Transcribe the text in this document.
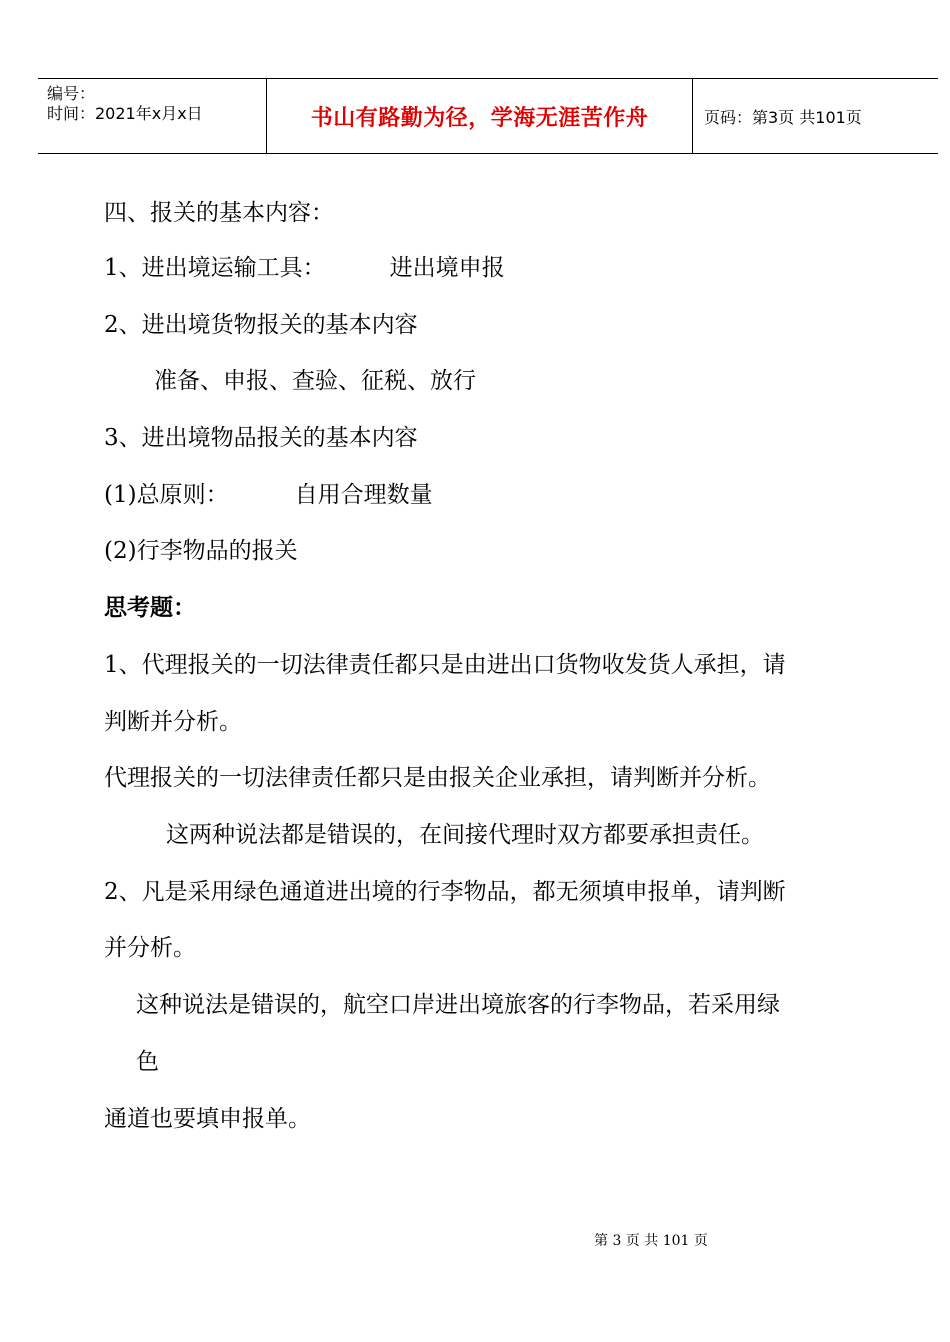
编号：
时间：2021年x月x日	书山有路勤为径，学海无涯苦作舟	页码：第3页 共101页
四、报关的基本内容：
1、进出境运输工具：	进出境申报
2、进出境货物报关的基本内容
准备、申报、查验、征税、放行
3、进出境物品报关的基本内容
(1)总原则：	自用合理数量
(2)行李物品的报关
思考题：
1、代理报关的一切法律责任都只是由进出口货物收发货人承担，请
判断并分析。
代理报关的一切法律责任都只是由报关企业承担，请判断并分析。
这两种说法都是错误的，在间接代理时双方都要承担责任。
2、凡是采用绿色通道进出境的行李物品，都无须填申报单，请判断
并分析。
这种说法是错误的，航空口岸进出境旅客的行李物品，若采用绿
色
通道也要填申报单。
第 3 页 共 101 页
